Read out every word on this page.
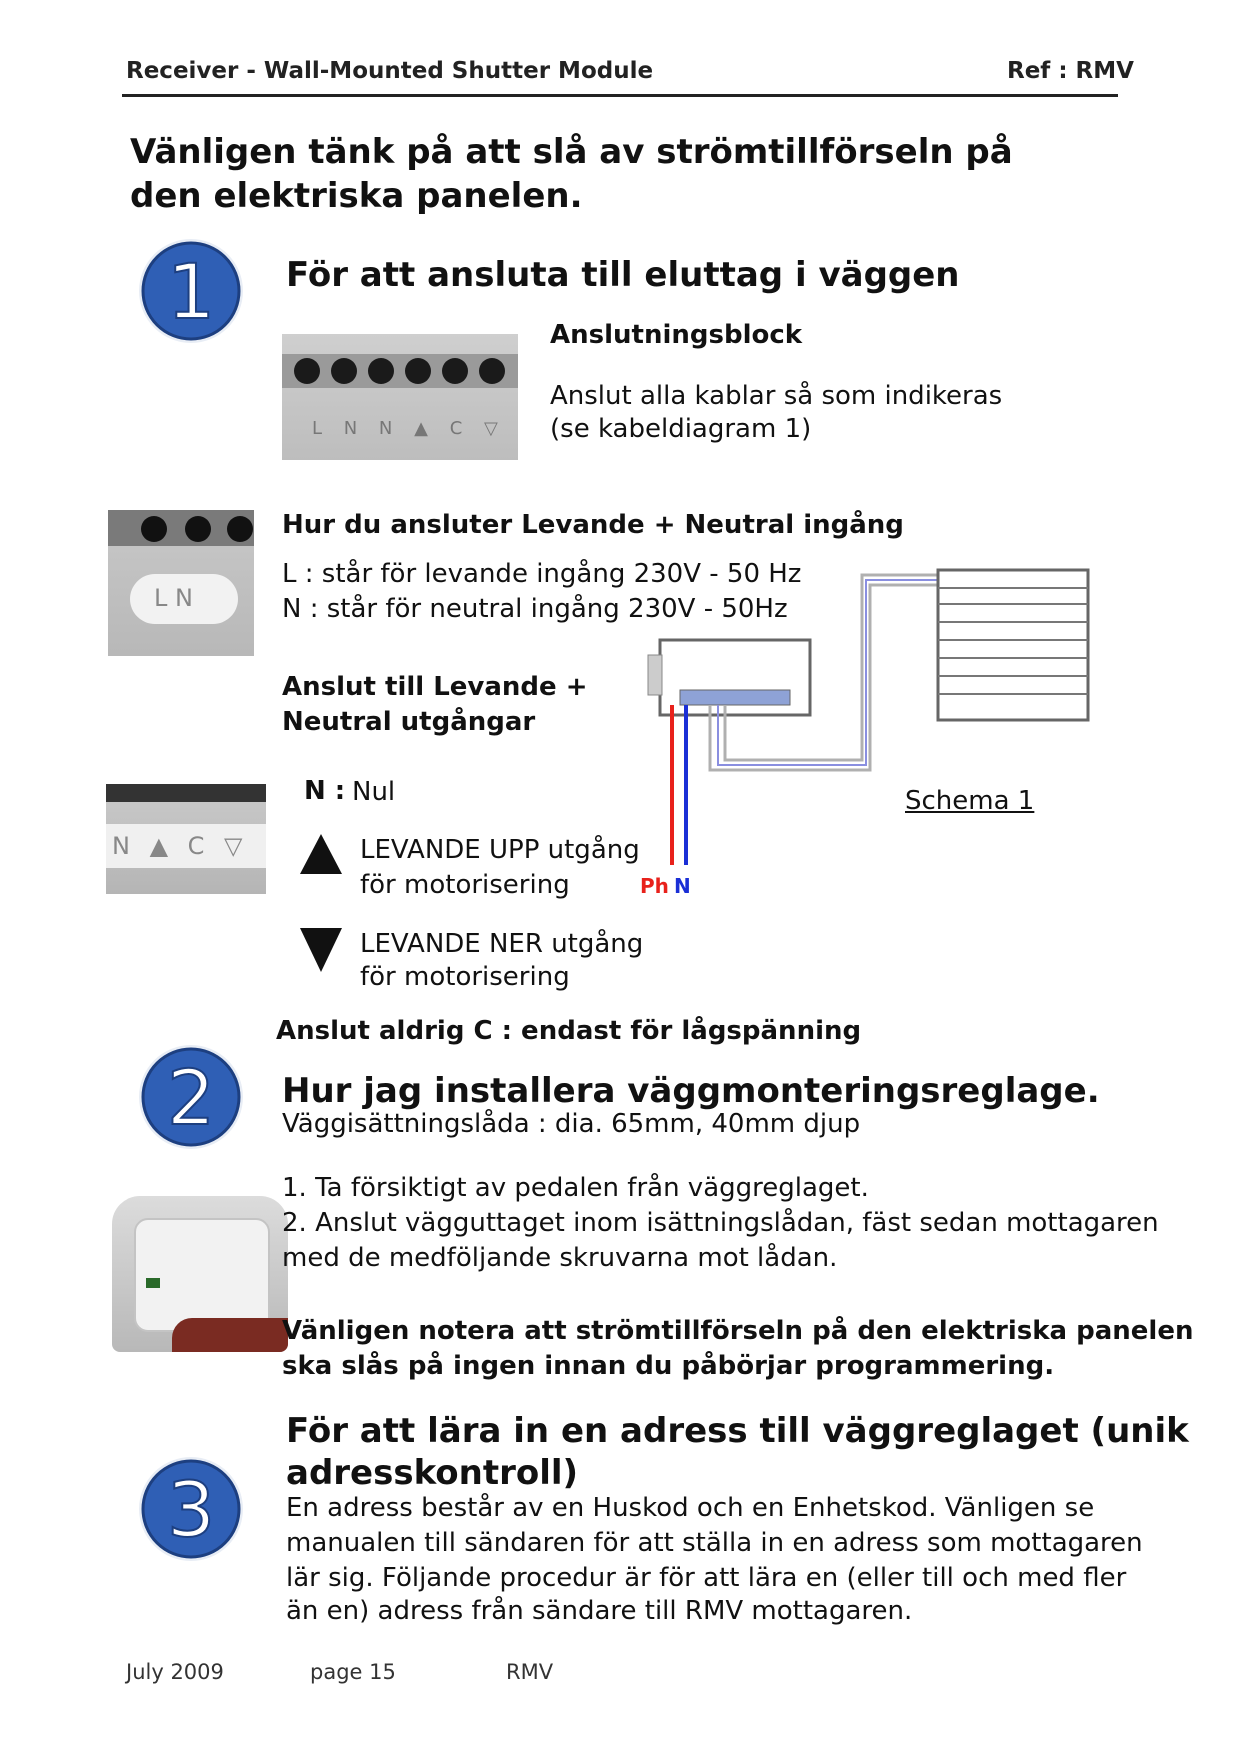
Receiver - Wall-Mounted Shutter Module	Ref : RMV
Vänligen tänk på att slå av strömtillförseln på den elektriska panelen.
1 För att ansluta till eluttag i väggen
L N N ▲ C ▽
Anslutningsblock
Anslut alla kablar så som indikeras
(se kabeldiagram 1)
L N
Hur du ansluter Levande + Neutral ingång
L : står för levande ingång 230V - 50 Hz
N : står för neutral ingång 230V - 50Hz
Anslut till Levande +
Neutral utgångar
Ph N
Schema 1
N ▲ C ▽
N : Nul
LEVANDE UPP utgång
för motorisering
LEVANDE NER utgång
för motorisering
Anslut aldrig C : endast för lågspänning
2 Hur jag installera väggmonteringsreglage.
Väggisättningslåda : dia. 65mm, 40mm djup
1. Ta försiktigt av pedalen från väggreglaget.
2. Anslut vägguttaget inom isättningslådan, fäst sedan mottagaren
med de medföljande skruvarna mot lådan.
Vänligen notera att strömtillförseln på den elektriska panelen
ska slås på ingen innan du påbörjar programmering.
3
För att lära in en adress till väggreglaget (unik
adresskontroll)
En adress består av en Huskod och en Enhetskod. Vänligen se
manualen till sändaren för att ställa in en adress som mottagaren
lär sig. Följande procedur är för att lära en (eller till och med fler
än en) adress från sändare till RMV mottagaren.
July 2009	page 15	RMV
